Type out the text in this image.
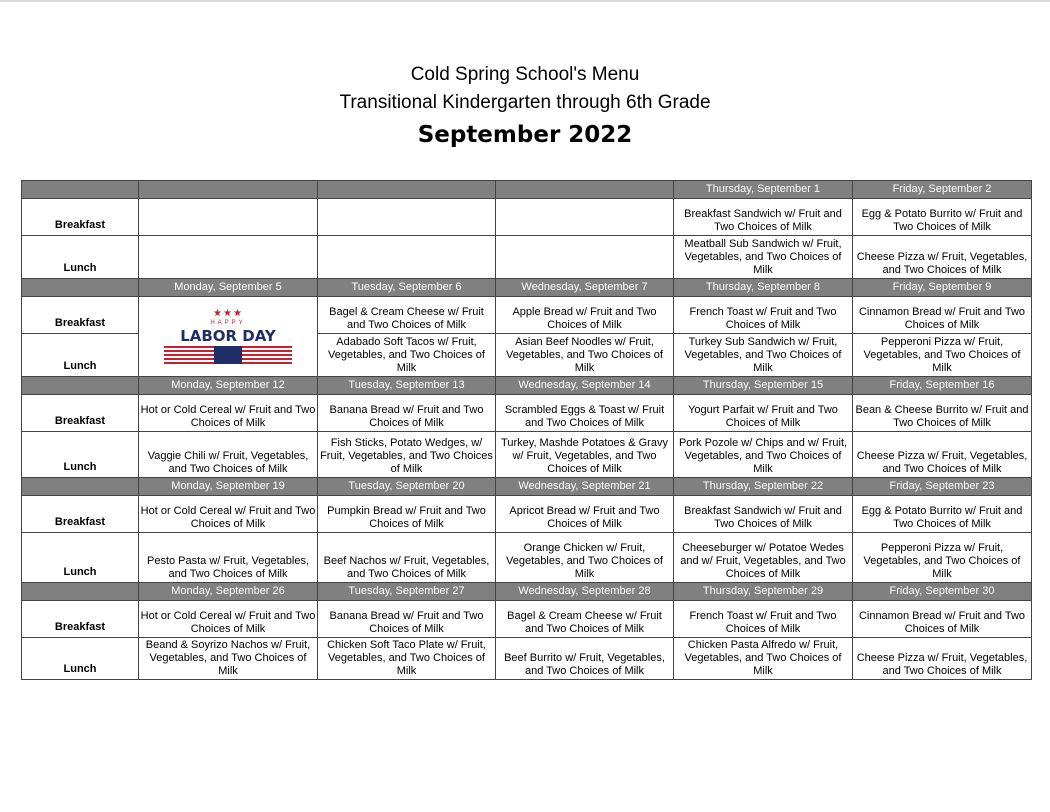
Cold Spring School's Menu
Transitional Kindergarten through 6th Grade
September 2022
				Thursday, September 1	Friday, September 2
Breakfast				Breakfast Sandwich w/ Fruit and Two Choices of Milk	Egg & Potato Burrito w/ Fruit and Two Choices of Milk
Lunch				Meatball Sub Sandwich w/ Fruit, Vegetables, and Two Choices of Milk	Cheese Pizza w/ Fruit, Vegetables, and Two Choices of Milk
	Monday, September 5	Tuesday, September 6	Wednesday, September 7	Thursday, September 8	Friday, September 9
Breakfast	★★★
HAPPY
LABOR DAY	Bagel & Cream Cheese w/ Fruit and Two Choices of Milk	Apple Bread w/ Fruit and Two Choices of Milk	French Toast w/ Fruit and Two Choices of Milk	Cinnamon Bread w/ Fruit and Two Choices of Milk
Lunch		Adabado Soft Tacos w/ Fruit, Vegetables, and Two Choices of Milk	Asian Beef Noodles w/ Fruit, Vegetables, and Two Choices of Milk	Turkey Sub Sandwich w/ Fruit, Vegetables, and Two Choices of Milk	Pepperoni Pizza w/ Fruit, Vegetables, and Two Choices of Milk
	Monday, September 12	Tuesday, September 13	Wednesday, September 14	Thursday, September 15	Friday, September 16
Breakfast	Hot or Cold Cereal w/ Fruit and Two Choices of Milk	Banana Bread w/ Fruit and Two Choices of Milk	Scrambled Eggs & Toast w/ Fruit and Two Choices of Milk	Yogurt Parfait w/ Fruit and Two Choices of Milk	Bean & Cheese Burrito w/ Fruit and Two Choices of Milk
Lunch	Vaggie Chili w/ Fruit, Vegetables, and Two Choices of Milk	Fish Sticks, Potato Wedges, w/ Fruit, Vegetables, and Two Choices of Milk	Turkey, Mashde Potatoes & Gravy w/ Fruit, Vegetables, and Two Choices of Milk	Pork Pozole w/ Chips and w/ Fruit, Vegetables, and Two Choices of Milk	Cheese Pizza w/ Fruit, Vegetables, and Two Choices of Milk
	Monday, September 19	Tuesday, September 20	Wednesday, September 21	Thursday, September 22	Friday, September 23
Breakfast	Hot or Cold Cereal w/ Fruit and Two Choices of Milk	Pumpkin Bread w/ Fruit and Two Choices of Milk	Apricot Bread w/ Fruit and Two Choices of Milk	Breakfast Sandwich w/ Fruit and Two Choices of Milk	Egg & Potato Burrito w/ Fruit and Two Choices of Milk
Lunch	Pesto Pasta w/ Fruit, Vegetables, and Two Choices of Milk	Beef Nachos w/ Fruit, Vegetables, and Two Choices of Milk	Orange Chicken w/ Fruit, Vegetables, and Two Choices of Milk	Cheeseburger w/ Potatoe Wedes and w/ Fruit, Vegetables, and Two Choices of Milk	Pepperoni Pizza w/ Fruit, Vegetables, and Two Choices of Milk
	Monday, September 26	Tuesday, September 27	Wednesday, September 28	Thursday, September 29	Friday, September 30
Breakfast	Hot or Cold Cereal w/ Fruit and Two Choices of Milk	Banana Bread w/ Fruit and Two Choices of Milk	Bagel & Cream Cheese w/ Fruit and Two Choices of Milk	French Toast w/ Fruit and Two Choices of Milk	Cinnamon Bread w/ Fruit and Two Choices of Milk
Lunch	Beand & Soyrizo Nachos w/ Fruit, Vegetables, and Two Choices of Milk	Chicken Soft Taco Plate w/ Fruit, Vegetables, and Two Choices of Milk	Beef Burrito w/ Fruit, Vegetables, and Two Choices of Milk	Chicken Pasta Alfredo w/ Fruit, Vegetables, and Two Choices of Milk	Cheese Pizza w/ Fruit, Vegetables, and Two Choices of Milk
